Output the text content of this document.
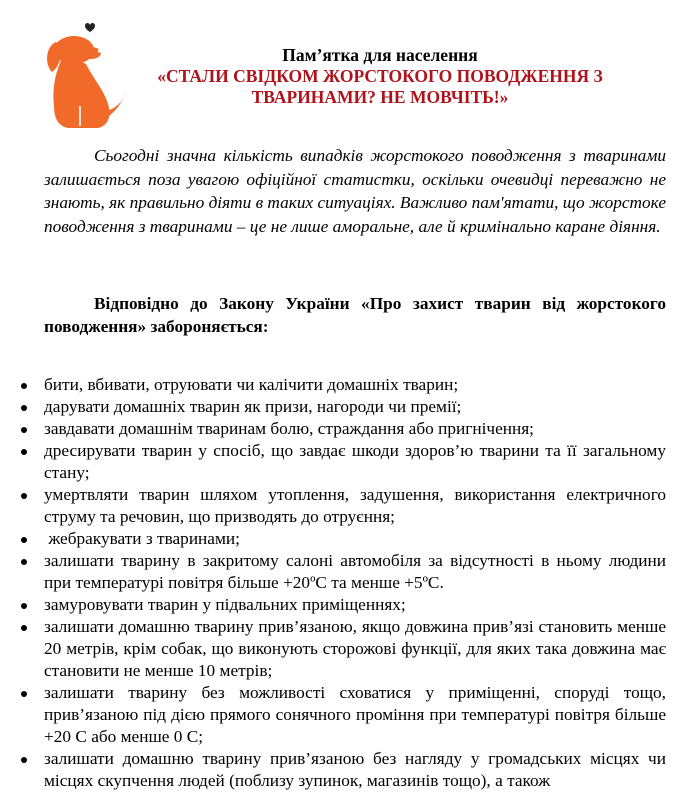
Пам’ятка для населення
«СТАЛИ СВІДКОМ ЖОРСТОКОГО ПОВОДЖЕННЯ З
ТВАРИНАМИ? НЕ МОВЧІТЬ!»

Сьогодні значна кількість випадків жорстокого поводження з тваринами залишається поза увагою офіційної статистки, оскільки очевидці переважно не знають, як правильно діяти в таких ситуаціях. Важливо пам'ятати, що жорстоке поводження з тваринами – це не лише аморальне, але й кримінально каране діяння.

Відповідно до Закону України «Про захист тварин від жорстокого поводження» забороняється:

бити, вбивати, отруювати чи калічити домашніх тварин;
дарувати домашніх тварин як призи, нагороди чи премії;
завдавати домашнім тваринам болю, страждання або пригнічення;
дресирувати тварин у спосіб, що завдає шкоди здоров’ю тварини та її загальному стану;
умертвляти тварин шляхом утоплення, задушення, використання електричного струму та речовин, що призводять до отруєння;
жебракувати з тваринами;
залишати тварину в закритому салоні автомобіля за відсутності в ньому людини при температурі повітря більше +20ºС та менше +5ºС.
замуровувати тварин у підвальних приміщеннях;
залишати домашню тварину прив’язаною, якщо довжина прив’язі становить менше 20 метрів, крім собак, що виконують сторожові функції, для яких така довжина має становити не менше 10 метрів;
залишати тварину без можливості сховатися у приміщенні, споруді тощо, прив’язаною під дією прямого сонячного проміння при температурі повітря більше +20 С або менше 0 С;
залишати домашню тварину прив’язаною без нагляду у громадських місцях чи місцях скупчення людей (поблизу зупинок, магазинів тощо), а також
